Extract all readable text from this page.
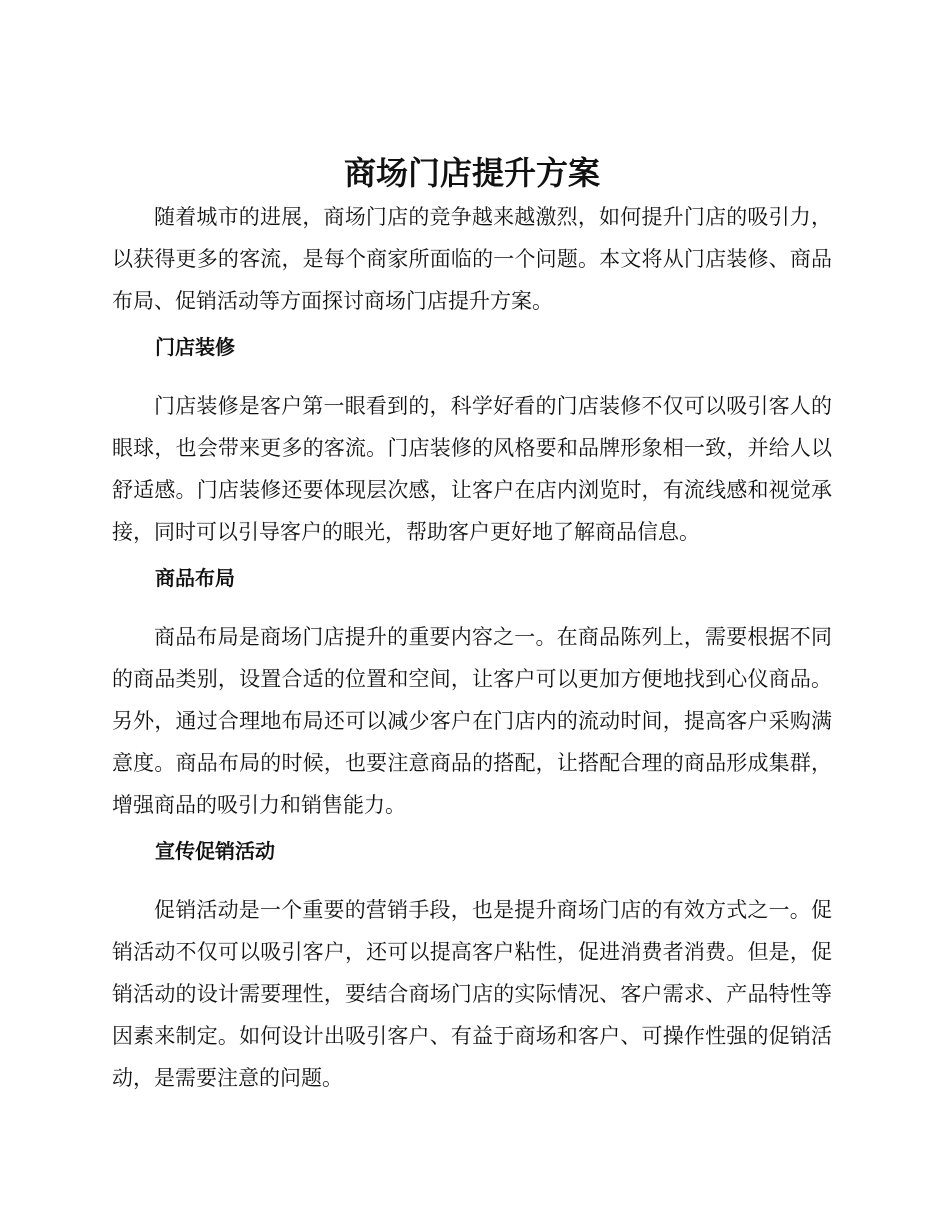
商场门店提升方案

随着城市的进展，商场门店的竞争越来越激烈，如何提升门店的吸引力，以获得更多的客流，是每个商家所面临的一个问题。本文将从门店装修、商品布局、促销活动等方面探讨商场门店提升方案。

门店装修

门店装修是客户第一眼看到的，科学好看的门店装修不仅可以吸引客人的眼球，也会带来更多的客流。门店装修的风格要和品牌形象相一致，并给人以舒适感。门店装修还要体现层次感，让客户在店内浏览时，有流线感和视觉承接，同时可以引导客户的眼光，帮助客户更好地了解商品信息。

商品布局

商品布局是商场门店提升的重要内容之一。在商品陈列上，需要根据不同的商品类别，设置合适的位置和空间，让客户可以更加方便地找到心仪商品。另外，通过合理地布局还可以减少客户在门店内的流动时间，提高客户采购满意度。商品布局的时候，也要注意商品的搭配，让搭配合理的商品形成集群，增强商品的吸引力和销售能力。

宣传促销活动

促销活动是一个重要的营销手段，也是提升商场门店的有效方式之一。促销活动不仅可以吸引客户，还可以提高客户粘性，促进消费者消费。但是，促销活动的设计需要理性，要结合商场门店的实际情况、客户需求、产品特性等因素来制定。如何设计出吸引客户、有益于商场和客户、可操作性强的促销活动，是需要注意的问题。
